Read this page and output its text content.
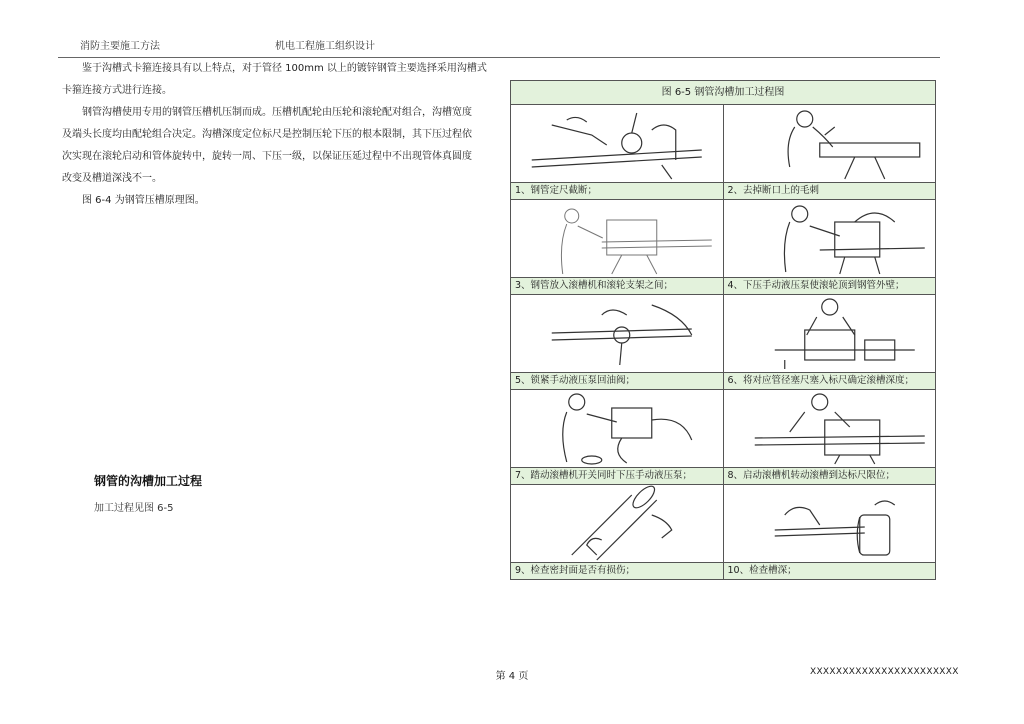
消防主要施工方法	机电工程施工组织设计
鉴于沟槽式卡箍连接具有以上特点，对于管径 100mm 以上的镀锌钢管主要选择采用沟槽式
卡箍连接方式进行连接。
钢管沟槽使用专用的钢管压槽机压制而成。压槽机配轮由压轮和滚轮配对组合，沟槽宽度
及端头长度均由配轮组合决定。沟槽深度定位标尺是控制压轮下压的根本限制，其下压过程依
次实现在滚轮启动和管体旋转中，旋转一周、下压一级，以保证压延过程中不出现管体真圆度
改变及槽道深浅不一。
图 6-4 为钢管压槽原理图。
钢管的沟槽加工过程
加工过程见图 6-5
图 6-5 钢管沟槽加工过程图
1、钢管定尺截断；	2、去掉断口上的毛刺
3、钢管放入滚槽机和滚轮支架之间；	4、下压手动液压泵使滚轮顶到钢管外壁；
5、锁紧手动液压泵回油阀；	6、将对应管径塞尺塞入标尺确定滚槽深度；
7、踏动滚槽机开关同时下压手动液压泵；	8、启动滚槽机转动滚槽到达标尺限位；
9、检查密封面是否有损伤；	10、检查槽深；
第 4 页	XXXXXXXXXXXXXXXXXXXXXXX
